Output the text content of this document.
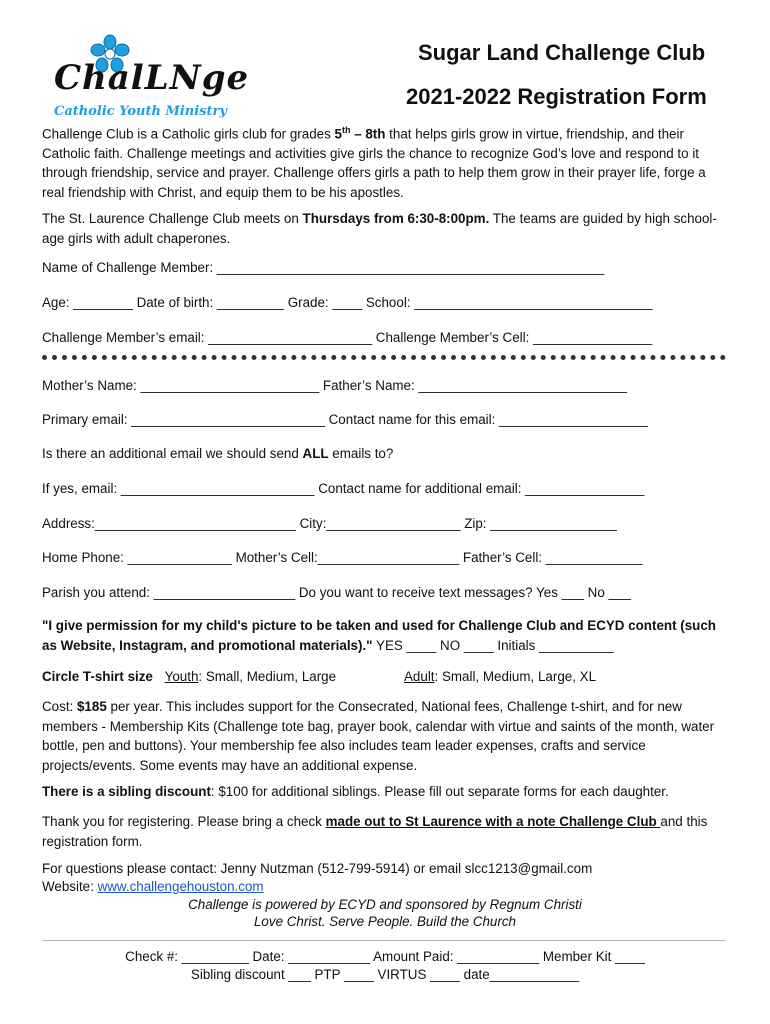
ChalLNge
Catholic Youth Ministry
Sugar Land Challenge Club
2021-2022 Registration Form
Challenge Club is a Catholic girls club for grades 5th – 8th that helps girls grow in virtue, friendship, and their Catholic faith. Challenge meetings and activities give girls the chance to recognize God’s love and respond to it through friendship, service and prayer. Challenge offers girls a path to help them grow in their prayer life, forge a real friendship with Christ, and equip them to be his apostles.
The St. Laurence Challenge Club meets on Thursdays from 6:30-8:00pm. The teams are guided by high school-age girls with adult chaperones.
Name of Challenge Member: ____________________________________________________
Age: ________ Date of birth: _________ Grade: ____ School: ________________________________
Challenge Member’s email: ______________________ Challenge Member’s Cell: ________________
Mother’s Name: ________________________ Father’s Name: ____________________________
Primary email: __________________________ Contact name for this email: ____________________
Is there an additional email we should send ALL emails to?
If yes, email: __________________________ Contact name for additional email: ________________
Address:___________________________ City:__________________ Zip: _________________
Home Phone: ______________ Mother’s Cell:___________________ Father’s Cell: _____________
Parish you attend: ___________________ Do you want to receive text messages? Yes ___ No ___
"I give permission for my child's picture to be taken and used for Challenge Club and ECYD content (such as Website, Instagram, and promotional materials)." YES ____ NO ____ Initials __________
Circle T-shirt size Youth: Small, Medium, Large	Adult: Small, Medium, Large, XL
Cost: $185 per year. This includes support for the Consecrated, National fees, Challenge t-shirt, and for new members - Membership Kits (Challenge tote bag, prayer book, calendar with virtue and saints of the month, water bottle, pen and buttons). Your membership fee also includes team leader expenses, crafts and service projects/events. Some events may have an additional expense.
There is a sibling discount: $100 for additional siblings. Please fill out separate forms for each daughter.
Thank you for registering. Please bring a check made out to St Laurence with a note Challenge Club and this registration form.
For questions please contact: Jenny Nutzman (512-799-5914) or email slcc1213@gmail.com
Website: www.challengehouston.com
Challenge is powered by ECYD and sponsored by Regnum Christi
Love Christ. Serve People. Build the Church
Check #: _________ Date: ___________ Amount Paid: ___________ Member Kit ____
Sibling discount ___ PTP ____ VIRTUS ____ date____________
